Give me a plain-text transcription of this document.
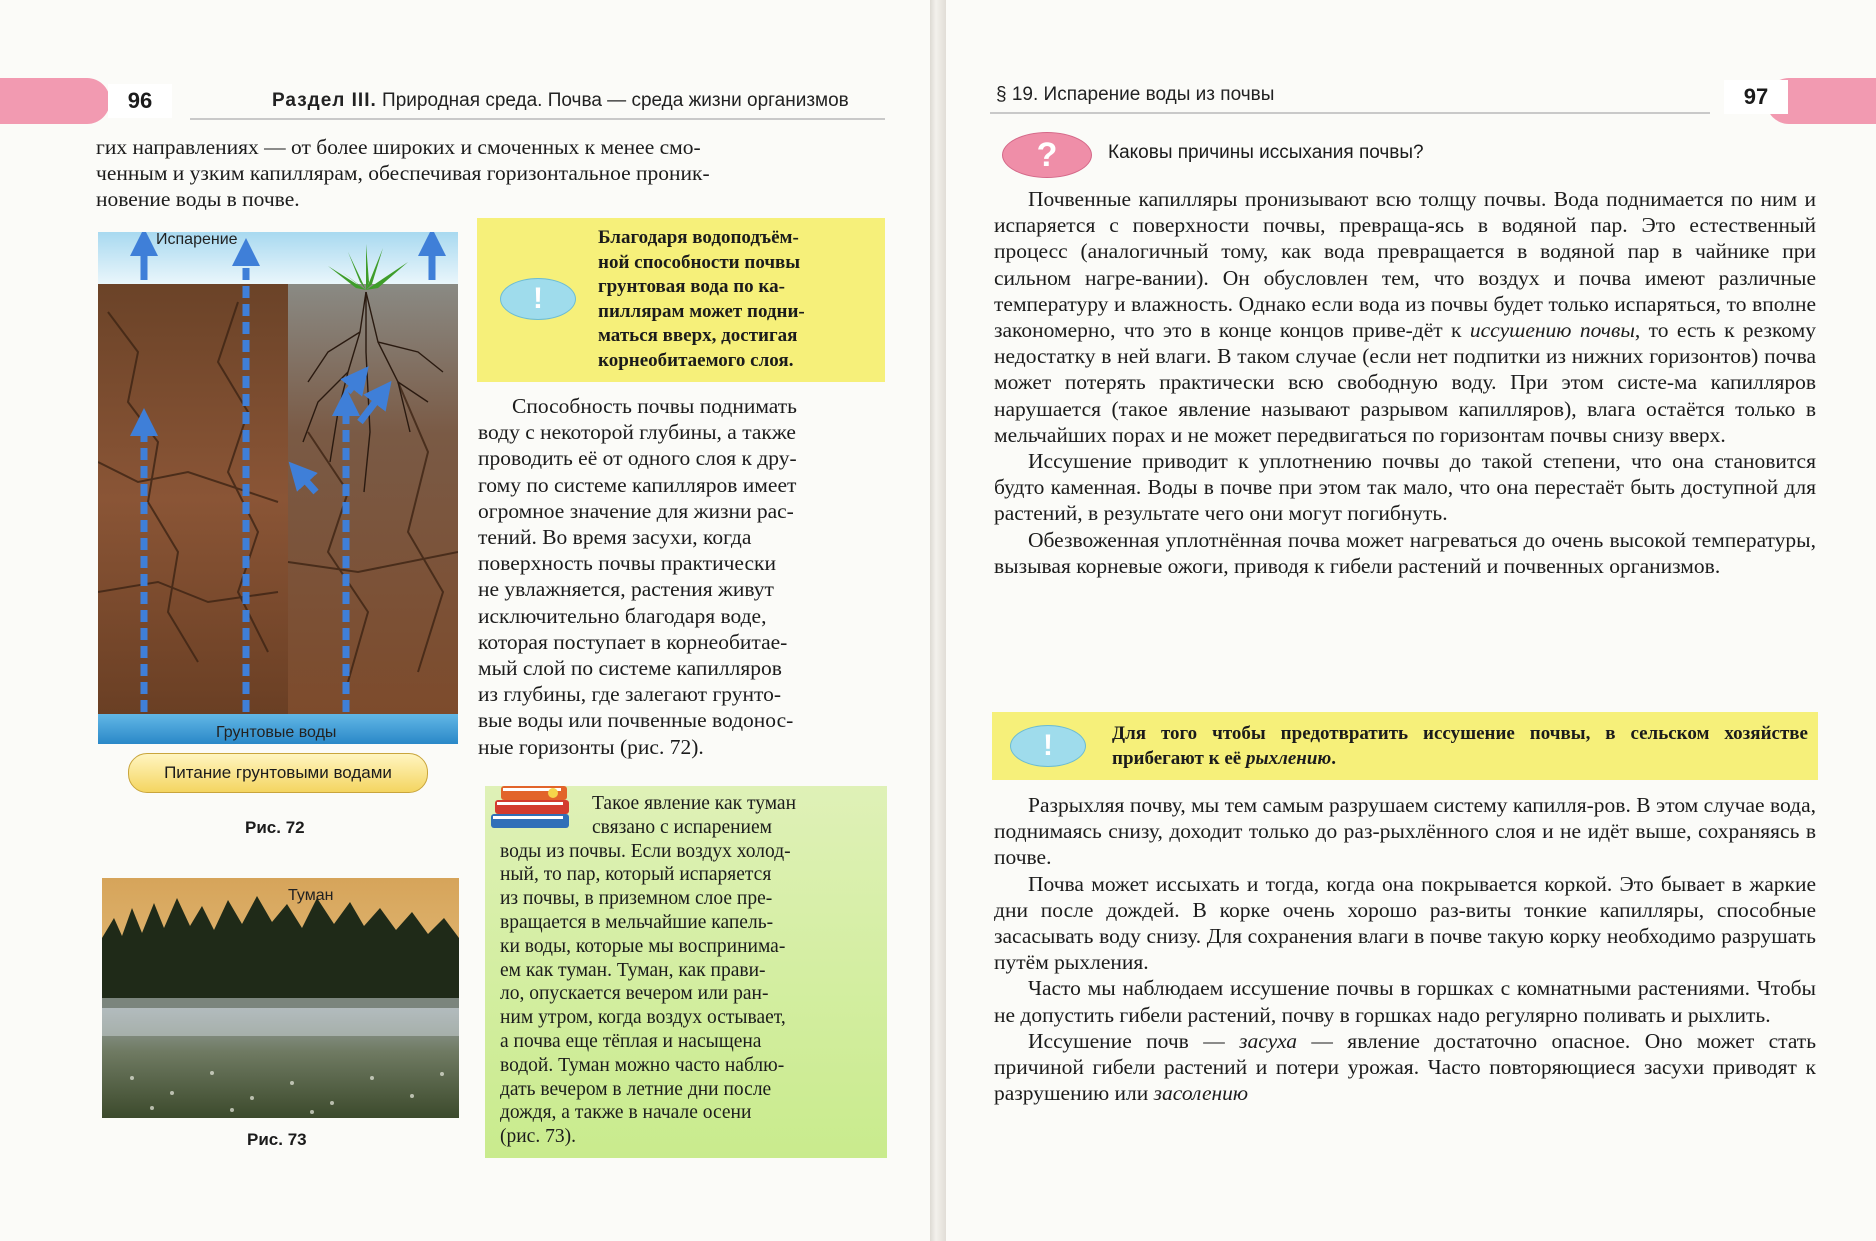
96	Раздел III. Природная среда. Почва — среда жизни организмов

гих направлениях — от более широких и смоченных к менее смо-

ченным и узким капиллярам, обеспечивая горизонтальное проник-

новение воды в почве.

Испарение
Грунтовые воды
Питание грунтовыми водами
Рис. 72
!
Благодаря водоподъём-
ной способности почвы
грунтовая вода по ка-
пиллярам может подни-
маться вверх, достигая
корнеобитаемого слоя.

Способность почвы поднимать

воду с некоторой глубины, а также

проводить её от одного слоя к дру-

гому по системе капилляров имеет

огромное значение для жизни рас-

тений. Во время засухи, когда

поверхность почвы практически

не увлажняется, растения живут

исключительно благодаря воде,

которая поступает в корнеобитае-

мый слой по системе капилляров

из глубины, где залегают грунто-

вые воды или почвенные водонос-

ные горизонты (рис. 72).

Туман
Рис. 73

Такое явление как туман

связано с испарением

воды из почвы. Если воздух холод-

ный, то пар, который испаряется

из почвы, в приземном слое пре-

вращается в мельчайшие капель-

ки воды, которые мы воспринима-

ем как туман. Туман, как прави-

ло, опускается вечером или ран-

ним утром, когда воздух остывает,

а почва еще тёплая и насыщена

водой. Туман можно часто наблю-

дать вечером в летние дни после

дождя, а также в начале осени

(рис. 73).

97
§ 19. Испарение воды из почвы
?	Каковы причины иссыхания почвы?

Почвенные капилляры пронизывают всю толщу почвы. Вода поднимается по ним и испаряется с поверхности почвы, превраща-ясь в водяной пар. Это естественный процесс (аналогичный тому, как вода превращается в водяной пар в чайнике при сильном нагре-вании). Он обусловлен тем, что воздух и почва имеют различные температуру и влажность. Однако если вода из почвы будет только испаряться, то вполне закономерно, что это в конце концов приве-дёт к иссушению почвы, то есть к резкому недостатку в ней влаги. В таком случае (если нет подпитки из нижних горизонтов) почва может потерять практически всю свободную воду. При этом систе-ма капилляров нарушается (такое явление называют разрывом капилляров), влага остаётся только в мельчайших порах и не может передвигаться по горизонтам почвы снизу вверх.

Иссушение приводит к уплотнению почвы до такой степени, что она становится будто каменная. Воды в почве при этом так мало, что она перестаёт быть доступной для растений, в результате чего они могут погибнуть.

Обезвоженная уплотнённая почва может нагреваться до очень высокой температуры, вызывая корневые ожоги, приводя к гибели растений и почвенных организмов.

!	Для того чтобы предотвратить иссушение почвы, в сельском хозяйстве прибегают к её рыхлению.

Разрыхляя почву, мы тем самым разрушаем систему капилля-ров. В этом случае вода, поднимаясь снизу, доходит только до раз-рыхлённого слоя и не идёт выше, сохраняясь в почве.

Почва может иссыхать и тогда, когда она покрывается коркой. Это бывает в жаркие дни после дождей. В корке очень хорошо раз-виты тонкие капилляры, способные засасывать воду снизу. Для сохранения влаги в почве такую корку необходимо разрушать путём рыхления.

Часто мы наблюдаем иссушение почвы в горшках с комнатными растениями. Чтобы не допустить гибели растений, почву в горшках надо регулярно поливать и рыхлить.

Иссушение почв — засуха — явление достаточно опасное. Оно может стать причиной гибели растений и потери урожая. Часто повторяющиеся засухи приводят к разрушению или засолению
